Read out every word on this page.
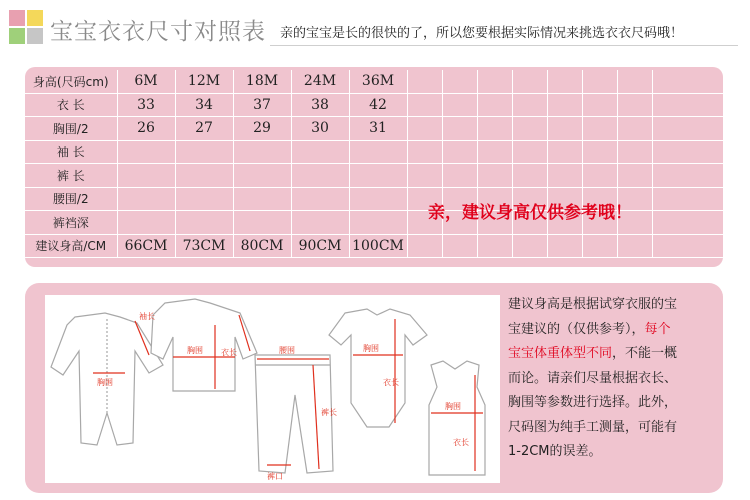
宝宝衣衣尺寸对照表 亲的宝宝是长的很快的了，所以您要根据实际情况来挑选衣衣尺码哦！
身高(尺码cm)	6M	12M	18M	24M	36M								
衣 长	33	34	37	38	42								
胸围/2	26	27	29	30	31								
袖 长													
裤 长													
腰围/2													
裤裆深													
建议身高/CM	66CM	73CM	80CM	90CM	100CM								
亲，建议身高仅供参考哦！
袖长
胸围
胸围 衣长	腰围
裤长
裤口
胸围
衣长
胸围
衣长
建议身高是根据试穿衣服的宝
宝建议的（仅供参考），每个
宝宝体重体型不同，不能一概
而论。请亲们尽量根据衣长、
胸围等参数进行选择。此外，
尺码图为纯手工测量，可能有
1-2CM的误差。
